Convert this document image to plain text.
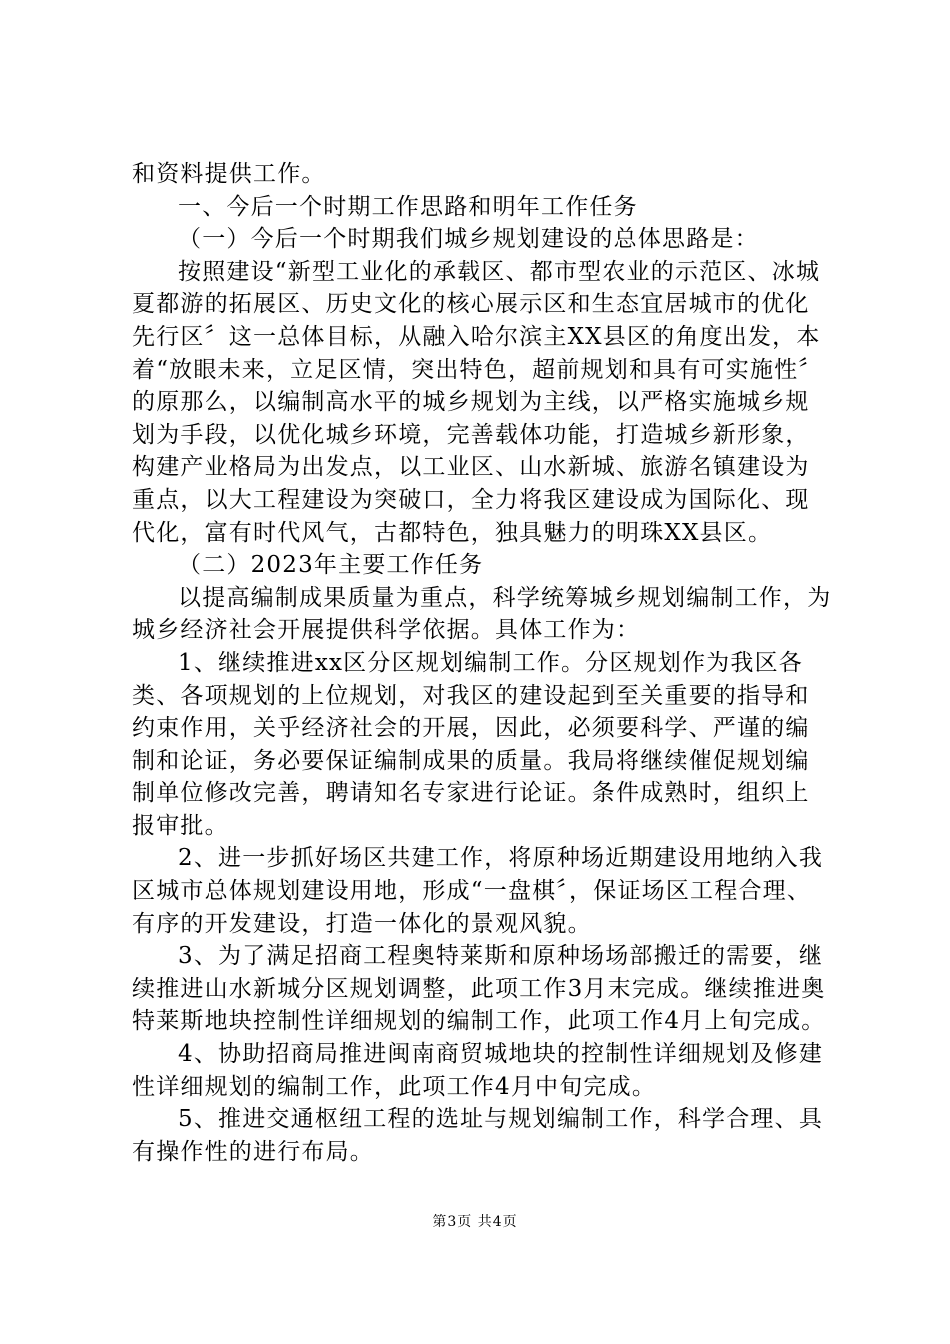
和资料提供工作。

一、今后一个时期工作思路和明年工作任务

（一）今后一个时期我们城乡规划建设的总体思路是：

按照建设“新型工业化的承载区、都市型农业的示范区、冰城夏都游的拓展区、历史文化的核心展示区和生态宜居城市的优化先行区〞这一总体目标，从融入哈尔滨主XX县区的角度出发，本着“放眼未来，立足区情，突出特色，超前规划和具有可实施性〞的原那么，以编制高水平的城乡规划为主线，以严格实施城乡规划为手段，以优化城乡环境，完善载体功能，打造城乡新形象，构建产业格局为出发点，以工业区、山水新城、旅游名镇建设为重点，以大工程建设为突破口，全力将我区建设成为国际化、现代化，富有时代风气，古都特色，独具魅力的明珠XX县区。

（二）2023年主要工作任务

以提高编制成果质量为重点，科学统筹城乡规划编制工作，为城乡经济社会开展提供科学依据。具体工作为：

1、继续推进xx区分区规划编制工作。分区规划作为我区各类、各项规划的上位规划，对我区的建设起到至关重要的指导和约束作用，关乎经济社会的开展，因此，必须要科学、严谨的编制和论证，务必要保证编制成果的质量。我局将继续催促规划编制单位修改完善，聘请知名专家进行论证。条件成熟时，组织上报审批。

2、进一步抓好场区共建工作，将原种场近期建设用地纳入我区城市总体规划建设用地，形成“一盘棋〞，保证场区工程合理、有序的开发建设，打造一体化的景观风貌。

3、为了满足招商工程奥特莱斯和原种场场部搬迁的需要，继续推进山水新城分区规划调整，此项工作3月末完成。继续推进奥特莱斯地块控制性详细规划的编制工作，此项工作4月上旬完成。

4、协助招商局推进闽南商贸城地块的控制性详细规划及修建性详细规划的编制工作，此项工作4月中旬完成。

5、推进交通枢纽工程的选址与规划编制工作，科学合理、具有操作性的进行布局。

第3页 共4页
